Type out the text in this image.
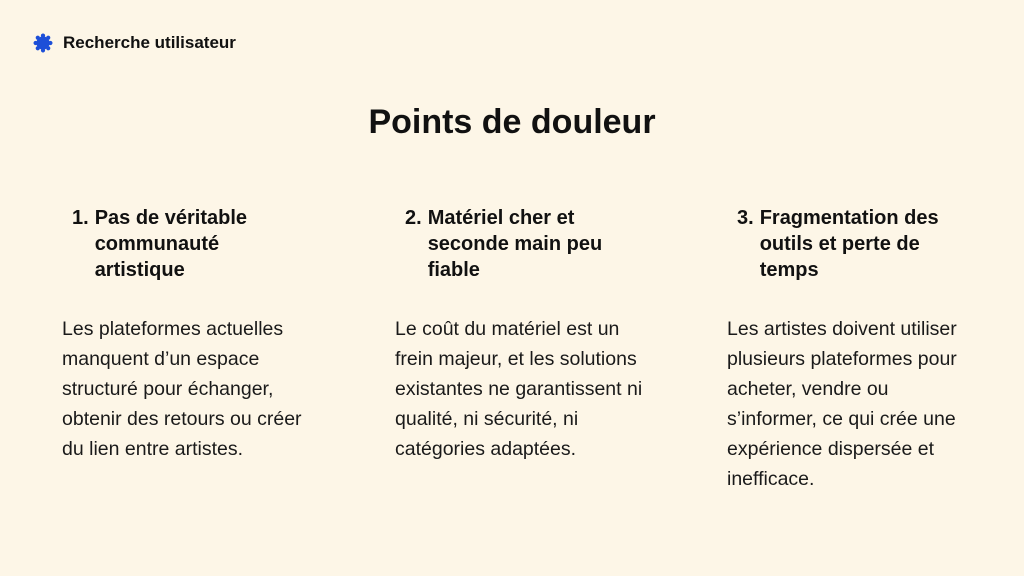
Recherche utilisateur
Points de douleur
1. Pas de véritable communauté artistique

Les plateformes actuelles manquent d’un espace structuré pour échanger, obtenir des retours ou créer du lien entre artistes.

2. Matériel cher et seconde main peu fiable

Le coût du matériel est un frein majeur, et les solutions existantes ne garantissent ni qualité, ni sécurité, ni catégories adaptées.

3. Fragmentation des outils et perte de temps

Les artistes doivent utiliser plusieurs plateformes pour acheter, vendre ou s’informer, ce qui crée une expérience dispersée et inefficace.
